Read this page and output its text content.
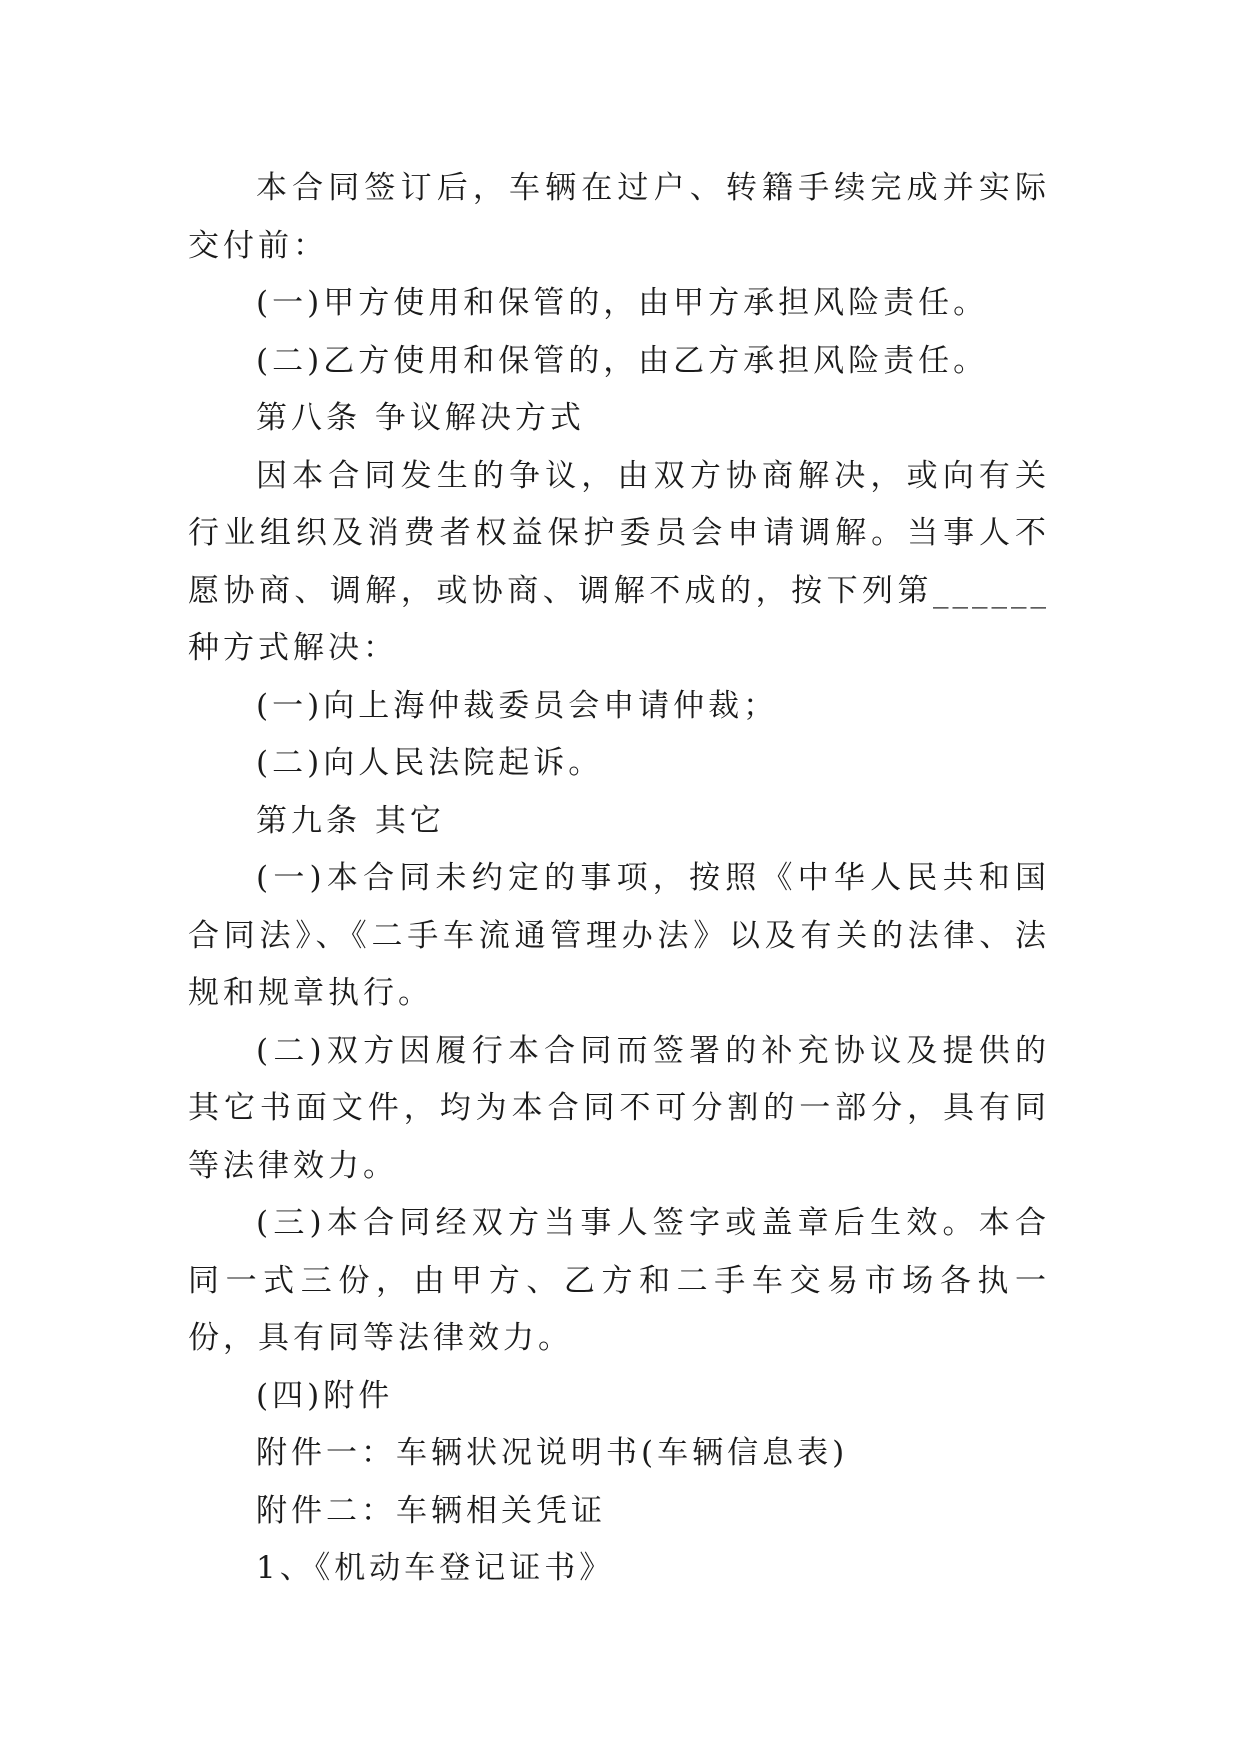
本合同签订后，车辆在过户、转籍手续完成并实际交付前：

(一)甲方使用和保管的，由甲方承担风险责任。

(二)乙方使用和保管的，由乙方承担风险责任。

第八条 争议解决方式

因本合同发生的争议，由双方协商解决，或向有关行业组织及消费者权益保护委员会申请调解。当事人不愿协商、调解，或协商、调解不成的，按下列第______种方式解决：

(一)向上海仲裁委员会申请仲裁；

(二)向人民法院起诉。

第九条 其它

(一)本合同未约定的事项，按照《中华人民共和国合同法》、《二手车流通管理办法》以及有关的法律、法规和规章执行。

(二)双方因履行本合同而签署的补充协议及提供的其它书面文件，均为本合同不可分割的一部分，具有同等法律效力。

(三)本合同经双方当事人签字或盖章后生效。本合同一式三份，由甲方、乙方和二手车交易市场各执一份，具有同等法律效力。

(四)附件

附件一：车辆状况说明书(车辆信息表)

附件二：车辆相关凭证

1、《机动车登记证书》
